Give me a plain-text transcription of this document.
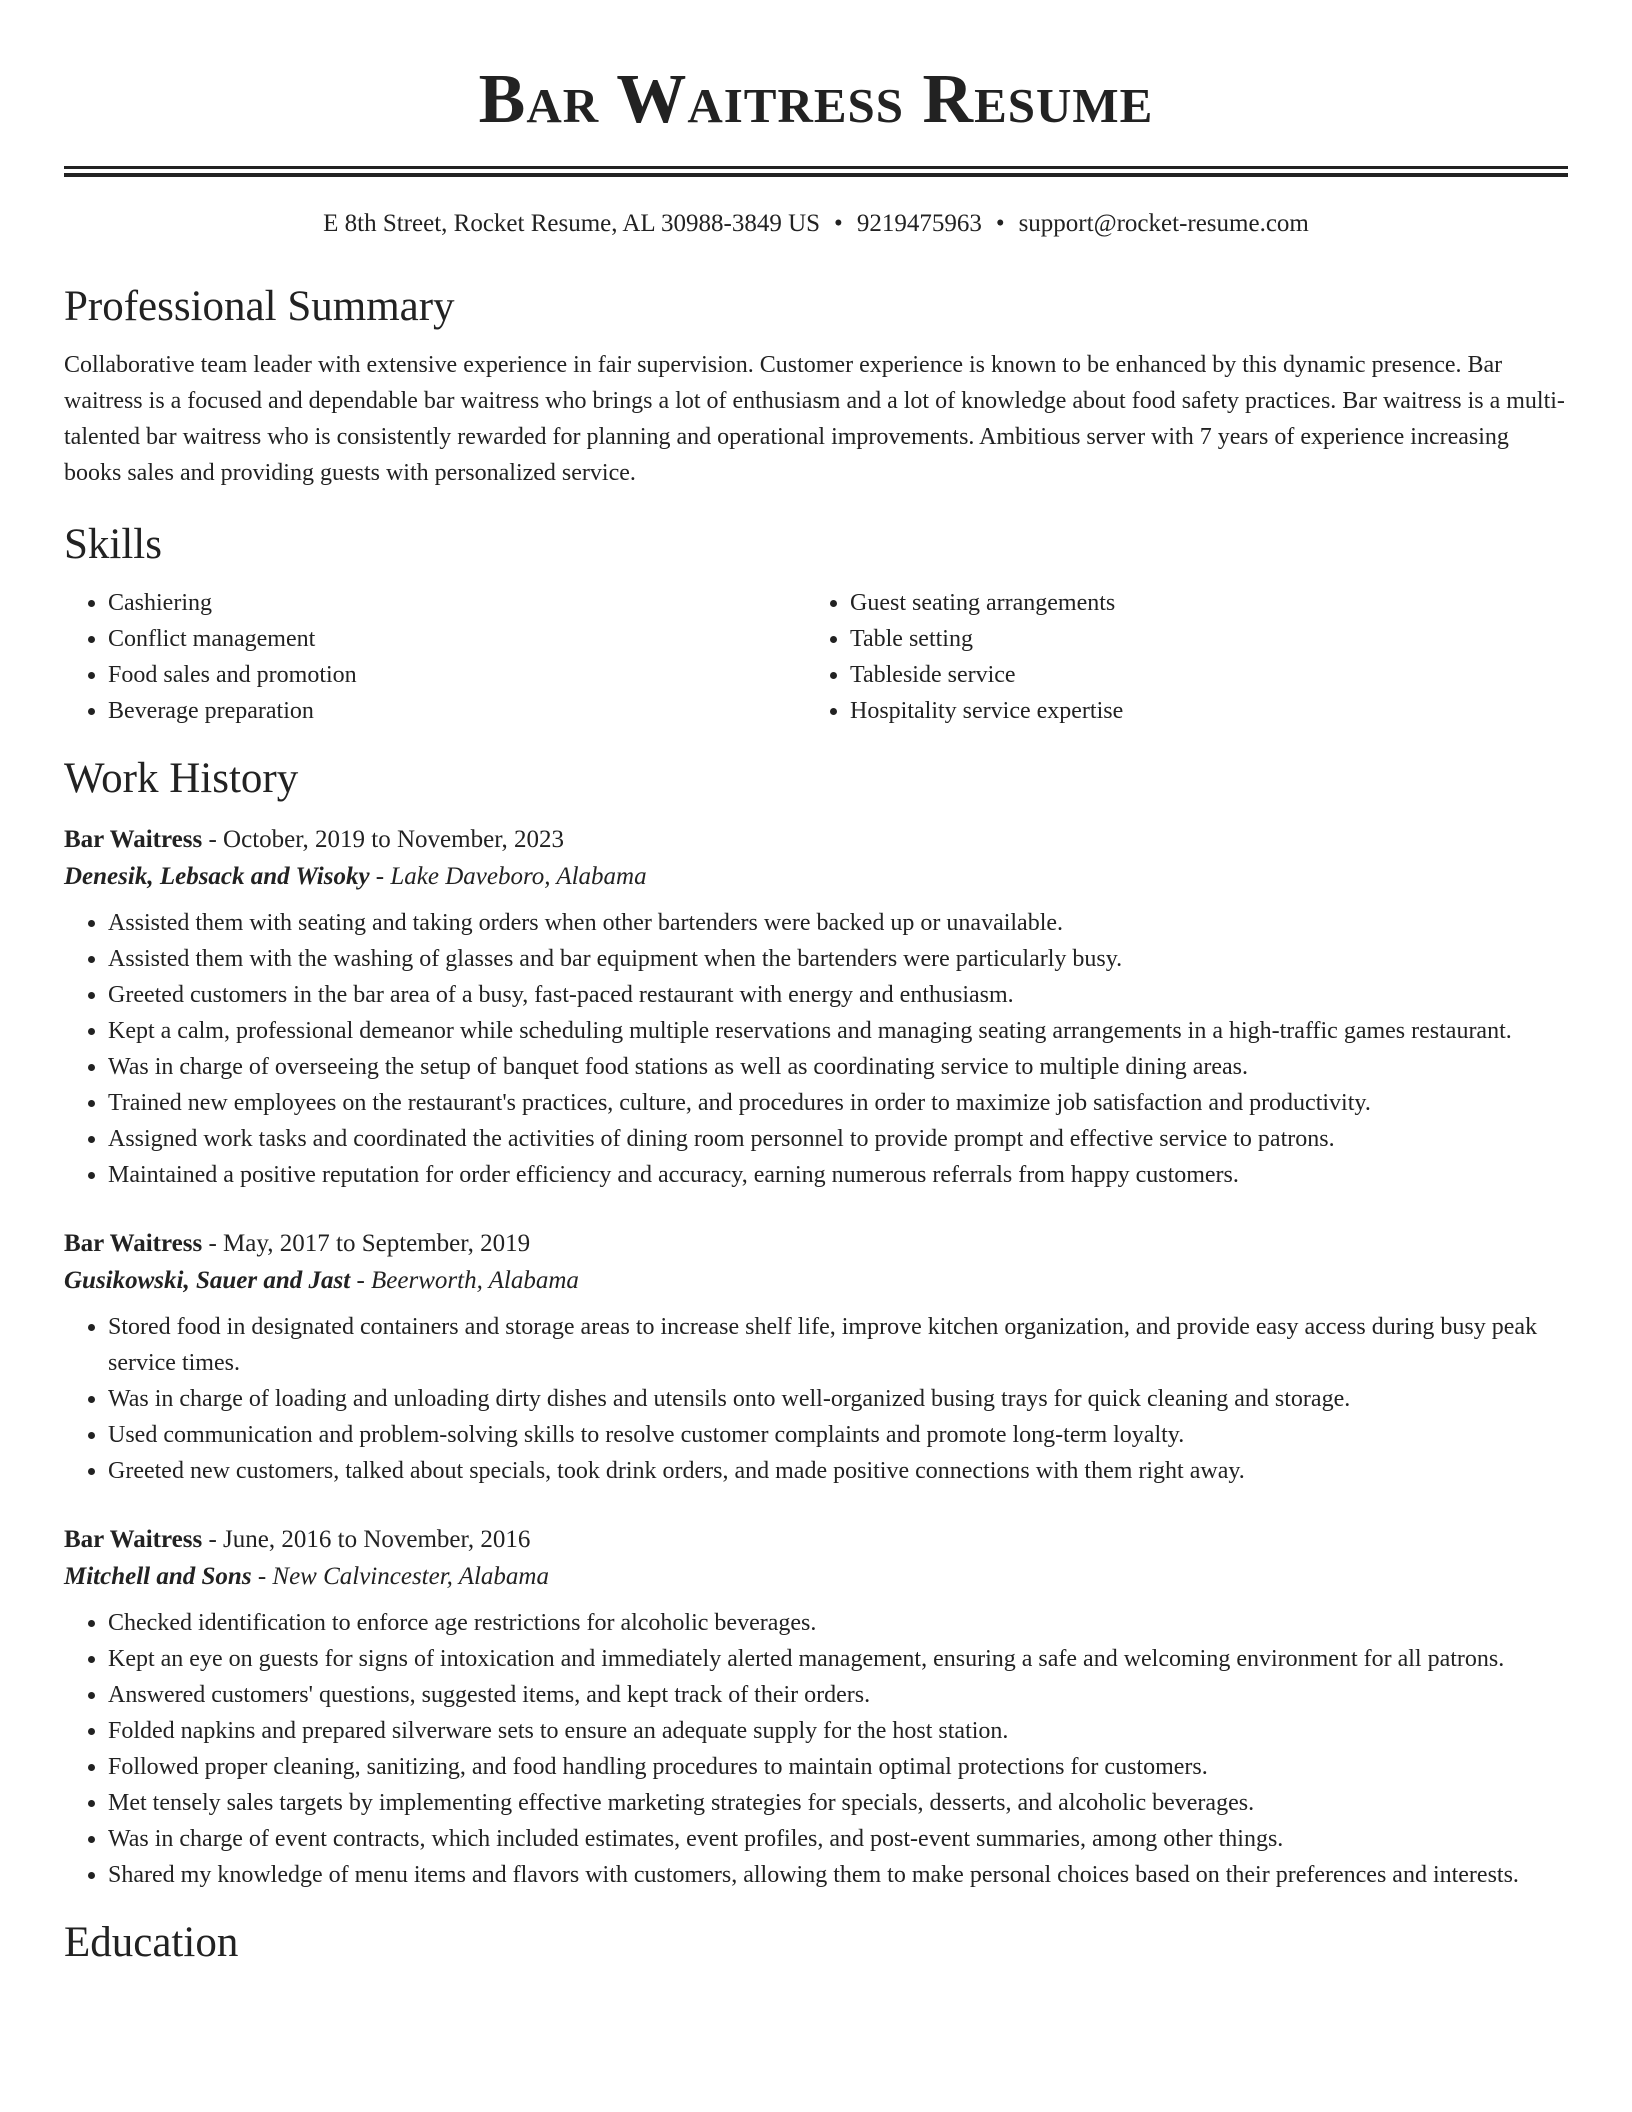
Bar Waitress Resume
E 8th Street, Rocket Resume, AL 30988-3849 US • 9219475963 • support@rocket-resume.com
Professional Summary

Collaborative team leader with extensive experience in fair supervision. Customer experience is known to be enhanced by this dynamic presence. Bar waitress is a focused and dependable bar waitress who brings a lot of enthusiasm and a lot of knowledge about food safety practices. Bar waitress is a multi-talented bar waitress who is consistently rewarded for planning and operational improvements. Ambitious server with 7 years of experience increasing books sales and providing guests with personalized service.

Skills
• Cashiering
• Conflict management
• Food sales and promotion
• Beverage preparation
• Guest seating arrangements
• Table setting
• Tableside service
• Hospitality service expertise
Work History
Bar Waitress - October, 2019 to November, 2023
Denesik, Lebsack and Wisoky - Lake Daveboro, Alabama
• Assisted them with seating and taking orders when other bartenders were backed up or unavailable.
• Assisted them with the washing of glasses and bar equipment when the bartenders were particularly busy.
• Greeted customers in the bar area of a busy, fast-paced restaurant with energy and enthusiasm.
• Kept a calm, professional demeanor while scheduling multiple reservations and managing seating arrangements in a high-traffic games restaurant.
• Was in charge of overseeing the setup of banquet food stations as well as coordinating service to multiple dining areas.
• Trained new employees on the restaurant's practices, culture, and procedures in order to maximize job satisfaction and productivity.
• Assigned work tasks and coordinated the activities of dining room personnel to provide prompt and effective service to patrons.
• Maintained a positive reputation for order efficiency and accuracy, earning numerous referrals from happy customers.
Bar Waitress - May, 2017 to September, 2019
Gusikowski, Sauer and Jast - Beerworth, Alabama
• Stored food in designated containers and storage areas to increase shelf life, improve kitchen organization, and provide easy access during busy peak service times.
• Was in charge of loading and unloading dirty dishes and utensils onto well-organized busing trays for quick cleaning and storage.
• Used communication and problem-solving skills to resolve customer complaints and promote long-term loyalty.
• Greeted new customers, talked about specials, took drink orders, and made positive connections with them right away.
Bar Waitress - June, 2016 to November, 2016
Mitchell and Sons - New Calvincester, Alabama
• Checked identification to enforce age restrictions for alcoholic beverages.
• Kept an eye on guests for signs of intoxication and immediately alerted management, ensuring a safe and welcoming environment for all patrons.
• Answered customers' questions, suggested items, and kept track of their orders.
• Folded napkins and prepared silverware sets to ensure an adequate supply for the host station.
• Followed proper cleaning, sanitizing, and food handling procedures to maintain optimal protections for customers.
• Met tensely sales targets by implementing effective marketing strategies for specials, desserts, and alcoholic beverages.
• Was in charge of event contracts, which included estimates, event profiles, and post-event summaries, among other things.
• Shared my knowledge of menu items and flavors with customers, allowing them to make personal choices based on their preferences and interests.
Education
